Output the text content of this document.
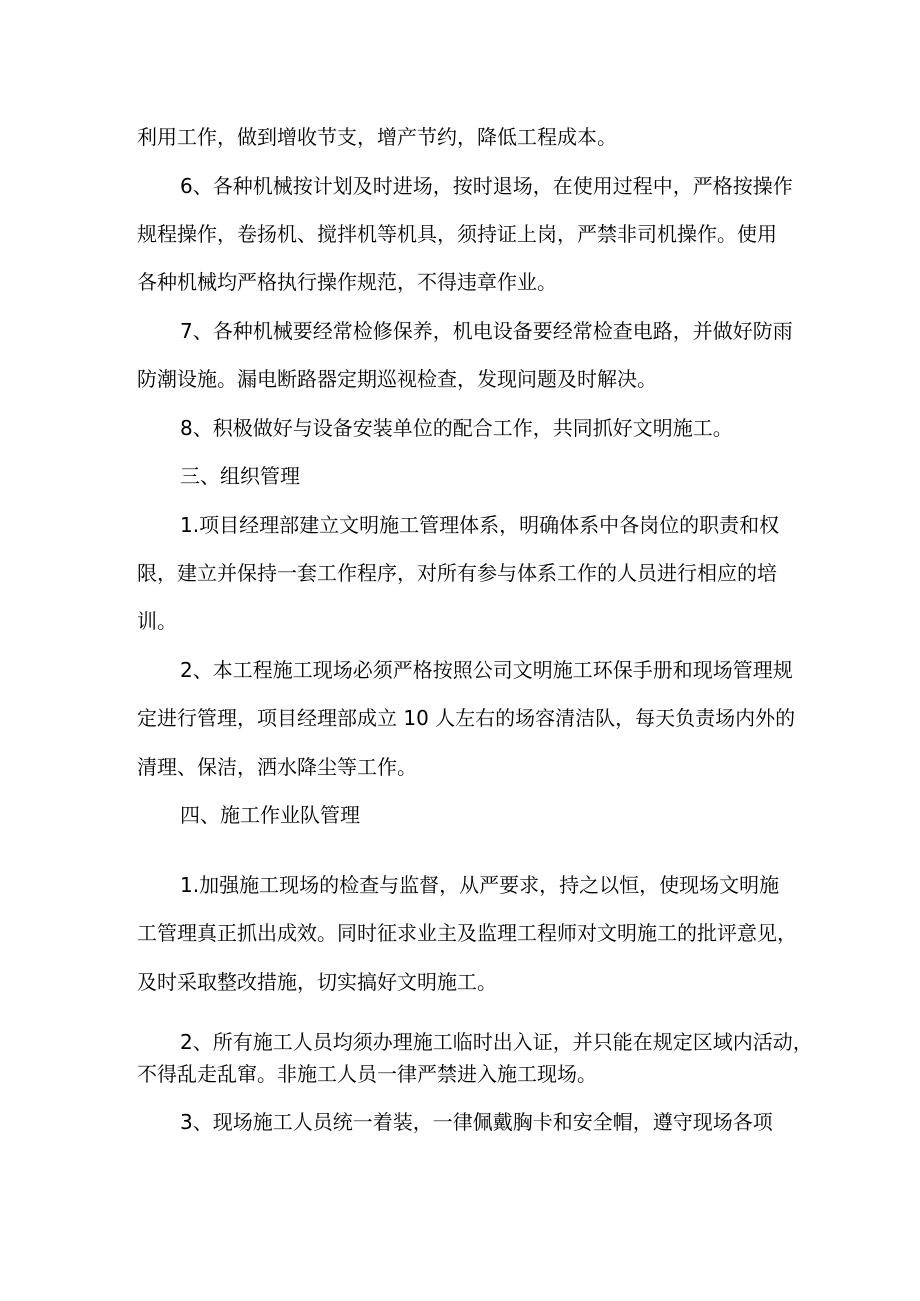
利用工作，做到增收节支，增产节约，降低工程成本。
6、各种机械按计划及时进场，按时退场，在使用过程中，严格按操作
规程操作，卷扬机、搅拌机等机具，须持证上岗，严禁非司机操作。使用
各种机械均严格执行操作规范，不得违章作业。
7、各种机械要经常检修保养，机电设备要经常检查电路，并做好防雨
防潮设施。漏电断路器定期巡视检查，发现问题及时解决。
8、积极做好与设备安装单位的配合工作，共同抓好文明施工。
三、组织管理
1.项目经理部建立文明施工管理体系，明确体系中各岗位的职责和权
限，建立并保持一套工作程序，对所有参与体系工作的人员进行相应的培
训。
2、本工程施工现场必须严格按照公司文明施工环保手册和现场管理规
定进行管理，项目经理部成立 10 人左右的场容清洁队，每天负责场内外的
清理、保洁，洒水降尘等工作。
四、施工作业队管理
1.加强施工现场的检查与监督，从严要求，持之以恒，使现场文明施
工管理真正抓出成效。同时征求业主及监理工程师对文明施工的批评意见，
及时采取整改措施，切实搞好文明施工。
2、所有施工人员均须办理施工临时出入证，并只能在规定区域内活动，
不得乱走乱窜。非施工人员一律严禁进入施工现场。
3、现场施工人员统一着装，一律佩戴胸卡和安全帽，遵守现场各项
